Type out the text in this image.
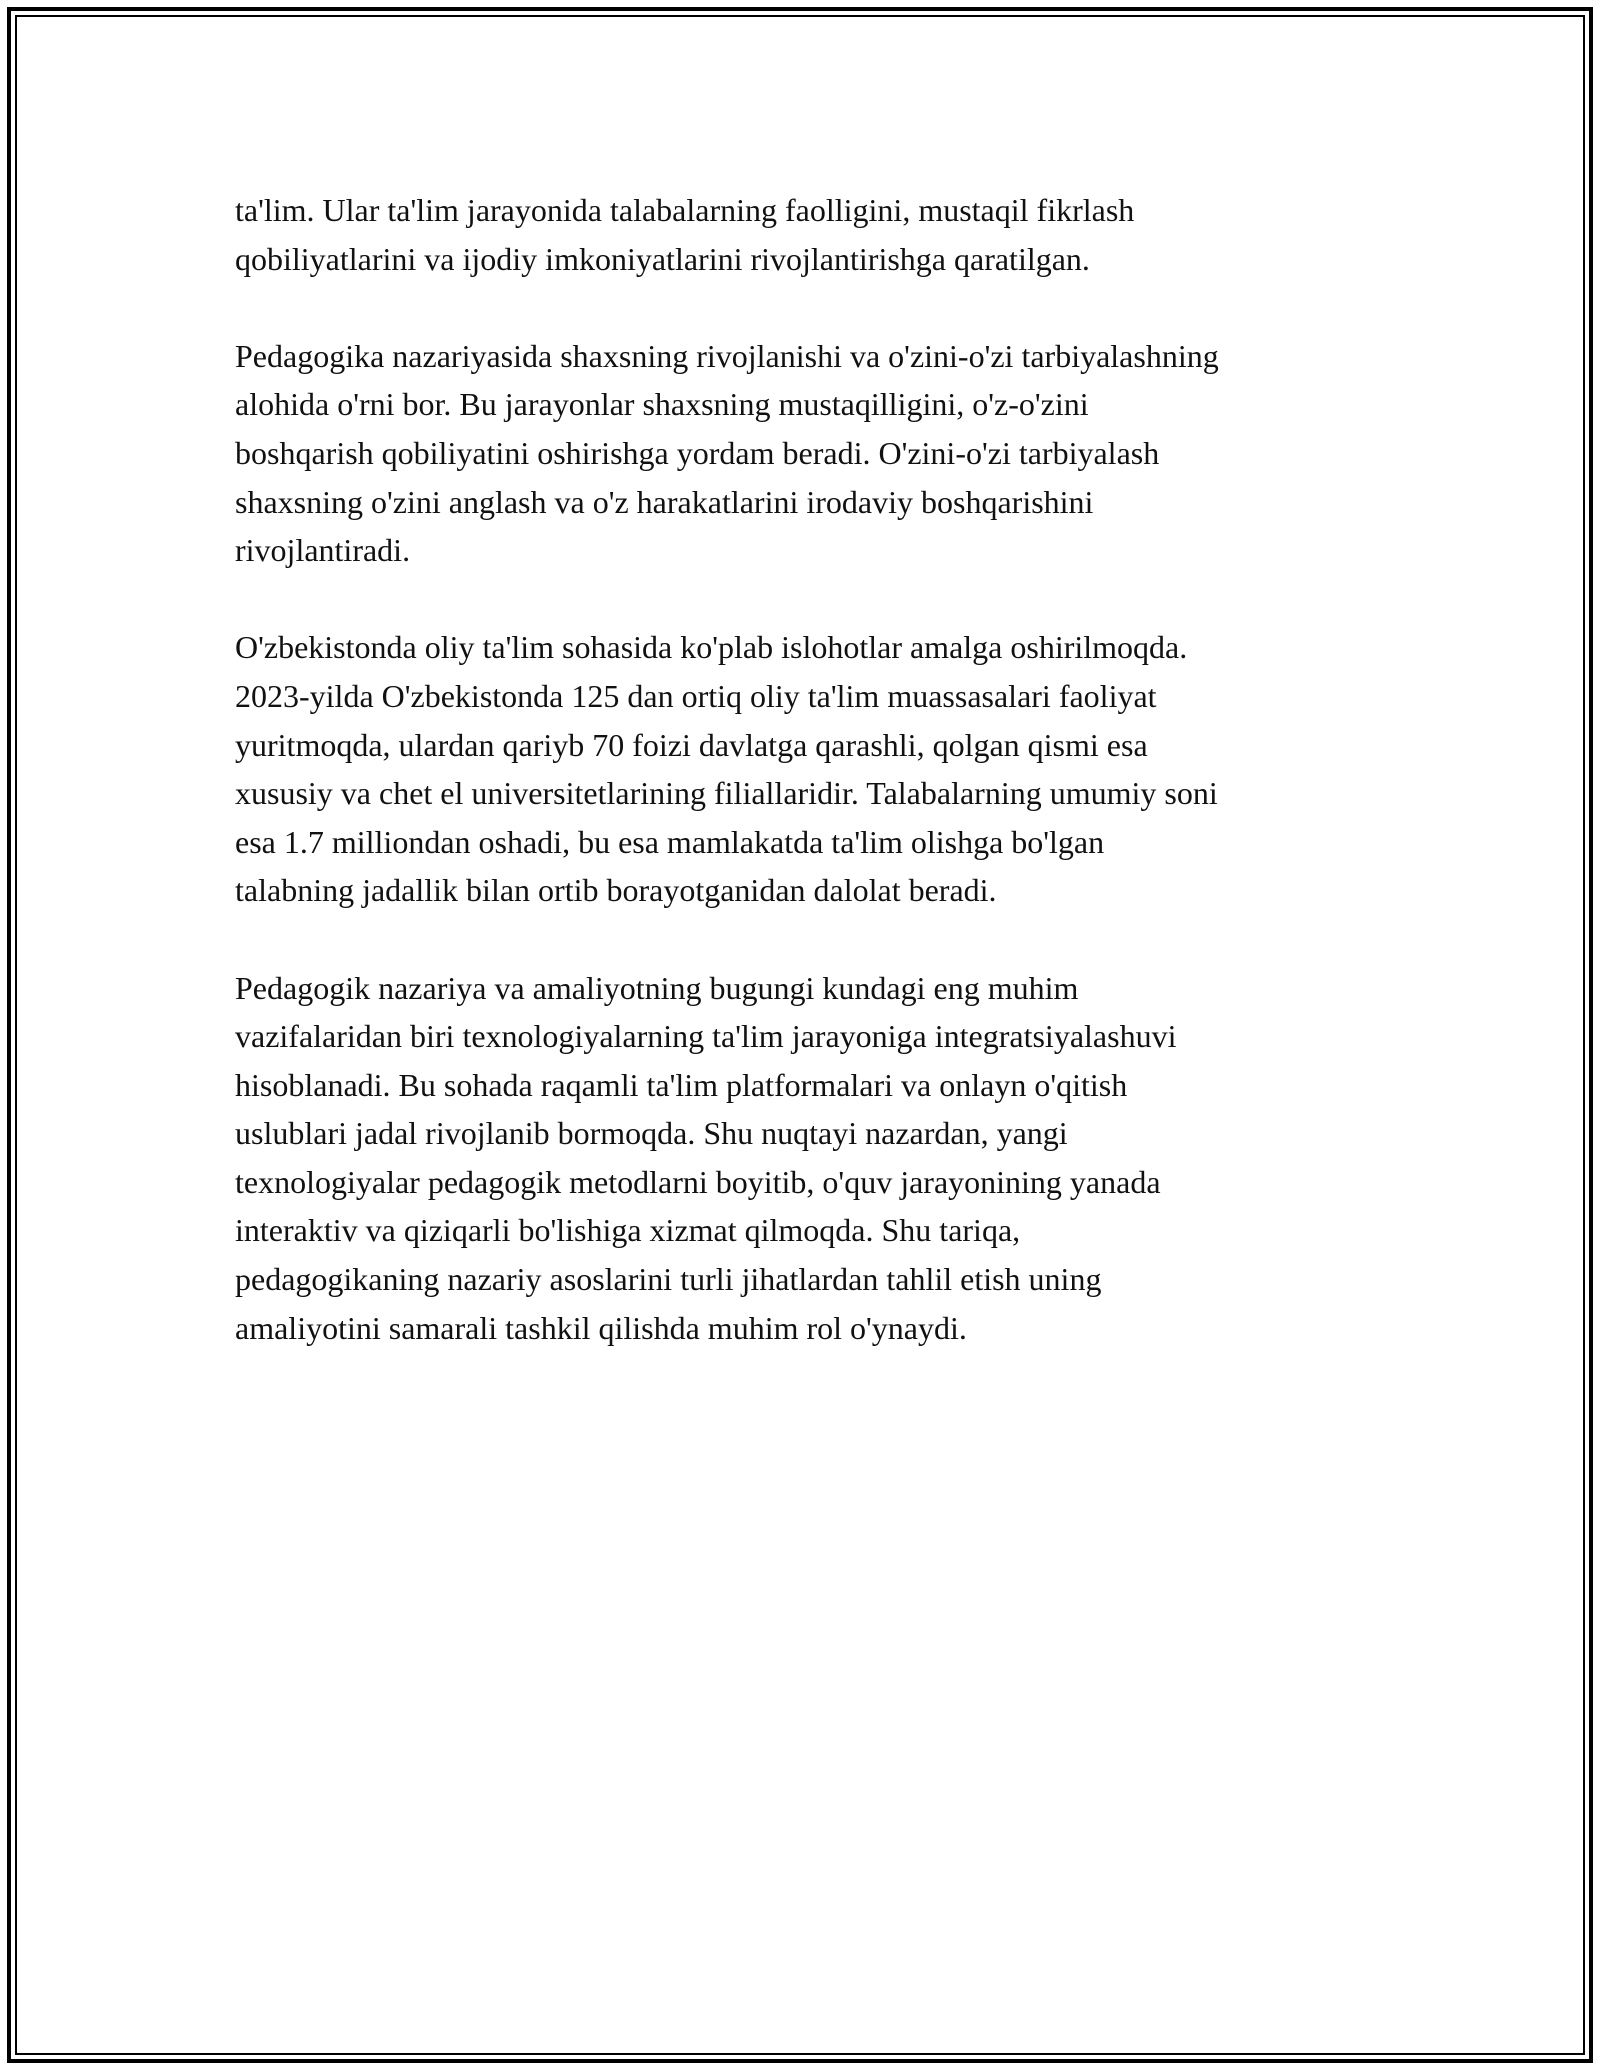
ta'lim. Ular ta'lim jarayonida talabalarning faolligini, mustaqil fikrlash
qobiliyatlarini va ijodiy imkoniyatlarini rivojlantirishga qaratilgan.

Pedagogika nazariyasida shaxsning rivojlanishi va o'zini-o'zi tarbiyalashning
alohida o'rni bor. Bu jarayonlar shaxsning mustaqilligini, o'z-o'zini
boshqarish qobiliyatini oshirishga yordam beradi. O'zini-o'zi tarbiyalash
shaxsning o'zini anglash va o'z harakatlarini irodaviy boshqarishini
rivojlantiradi.

O'zbekistonda oliy ta'lim sohasida ko'plab islohotlar amalga oshirilmoqda.
2023-yilda O'zbekistonda 125 dan ortiq oliy ta'lim muassasalari faoliyat
yuritmoqda, ulardan qariyb 70 foizi davlatga qarashli, qolgan qismi esa
xususiy va chet el universitetlarining filiallaridir. Talabalarning umumiy soni
esa 1.7 milliondan oshadi, bu esa mamlakatda ta'lim olishga bo'lgan
talabning jadallik bilan ortib borayotganidan dalolat beradi.

Pedagogik nazariya va amaliyotning bugungi kundagi eng muhim
vazifalaridan biri texnologiyalarning ta'lim jarayoniga integratsiyalashuvi
hisoblanadi. Bu sohada raqamli ta'lim platformalari va onlayn o'qitish
uslublari jadal rivojlanib bormoqda. Shu nuqtayi nazardan, yangi
texnologiyalar pedagogik metodlarni boyitib, o'quv jarayonining yanada
interaktiv va qiziqarli bo'lishiga xizmat qilmoqda. Shu tariqa,
pedagogikaning nazariy asoslarini turli jihatlardan tahlil etish uning
amaliyotini samarali tashkil qilishda muhim rol o'ynaydi.
